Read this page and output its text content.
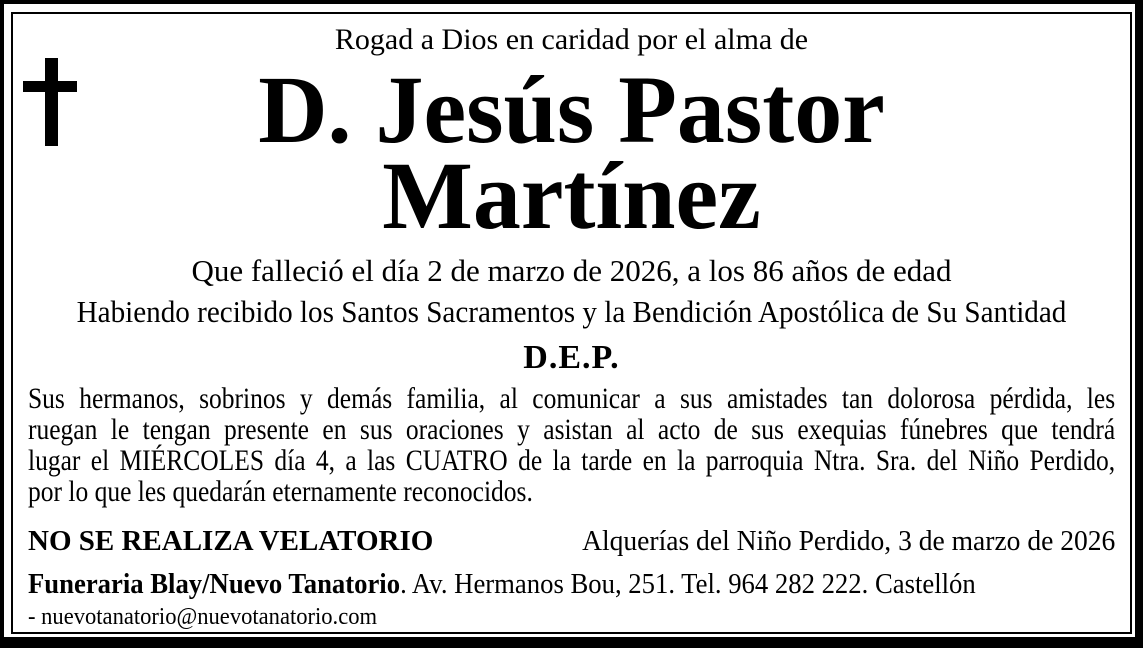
Rogad a Dios en caridad por el alma de
D. Jesús Pastor
Martínez
Que falleció el día 2 de marzo de 2026, a los 86 años de edad
Habiendo recibido los Santos Sacramentos y la Bendición Apostólica de Su Santidad
D.E.P.
Sus hermanos, sobrinos y demás familia, al comunicar a sus amistades tan dolorosa pérdida, les
ruegan le tengan presente en sus oraciones y asistan al acto de sus exequias fúnebres que tendrá
lugar el MIÉRCOLES día 4, a las CUATRO de la tarde en la parroquia Ntra. Sra. del Niño Perdido,
por lo que les quedarán eternamente reconocidos.
NO SE REALIZA VELATORIO	Alquerías del Niño Perdido, 3 de marzo de 2026
Funeraria Blay/Nuevo Tanatorio. Av. Hermanos Bou, 251. Tel. 964 282 222. Castellón
- nuevotanatorio@nuevotanatorio.com
